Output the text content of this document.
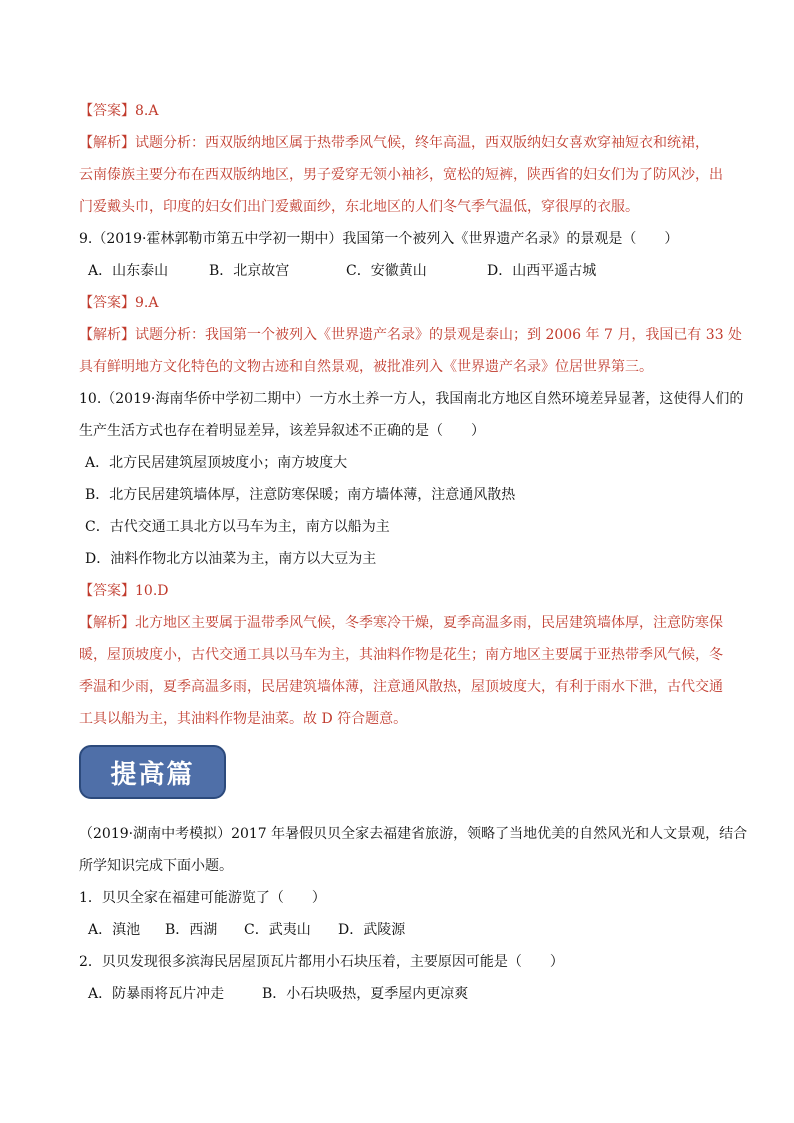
【答案】8.A
【解析】试题分析：西双版纳地区属于热带季风气候，终年高温，西双版纳妇女喜欢穿袖短衣和统裙，
云南傣族主要分布在西双版纳地区，男子爱穿无领小袖衫，宽松的短裤，陕西省的妇女们为了防风沙，出
门爱戴头巾，印度的妇女们出门爱戴面纱，东北地区的人们冬气季气温低，穿很厚的衣服。
9.（2019·霍林郭勒市第五中学初一期中）我国第一个被列入《世界遗产名录》的景观是（　　）
A．山东泰山	B．北京故宫	C．安徽黄山	D．山西平遥古城
【答案】9.A
【解析】试题分析：我国第一个被列入《世界遗产名录》的景观是泰山；到 2006 年 7 月，我国已有 33 处
具有鲜明地方文化特色的文物古迹和自然景观，被批准列入《世界遗产名录》位居世界第三。
10.（2019·海南华侨中学初二期中）一方水土养一方人，我国南北方地区自然环境差异显著，这使得人们的
生产生活方式也存在着明显差异，该差异叙述不正确的是（　　）
A．北方民居建筑屋顶坡度小；南方坡度大
B．北方民居建筑墙体厚，注意防寒保暖；南方墙体薄，注意通风散热
C．古代交通工具北方以马车为主，南方以船为主
D．油料作物北方以油菜为主，南方以大豆为主
【答案】10.D
【解析】北方地区主要属于温带季风气候，冬季寒冷干燥，夏季高温多雨，民居建筑墙体厚，注意防寒保
暖，屋顶坡度小，古代交通工具以马车为主，其油料作物是花生；南方地区主要属于亚热带季风气候，冬
季温和少雨，夏季高温多雨，民居建筑墙体薄，注意通风散热，屋顶坡度大，有利于雨水下泄，古代交通
工具以船为主，其油料作物是油菜。故 D 符合题意。
提高篇
（2019·湖南中考模拟）2017 年暑假贝贝全家去福建省旅游，领略了当地优美的自然风光和人文景观，结合
所学知识完成下面小题。
1．贝贝全家在福建可能游览了（　　）
A．滇池 B．西湖 C．武夷山 D．武陵源
2．贝贝发现很多滨海民居屋顶瓦片都用小石块压着，主要原因可能是（　　）
A．防暴雨将瓦片冲走	B．小石块吸热，夏季屋内更凉爽
